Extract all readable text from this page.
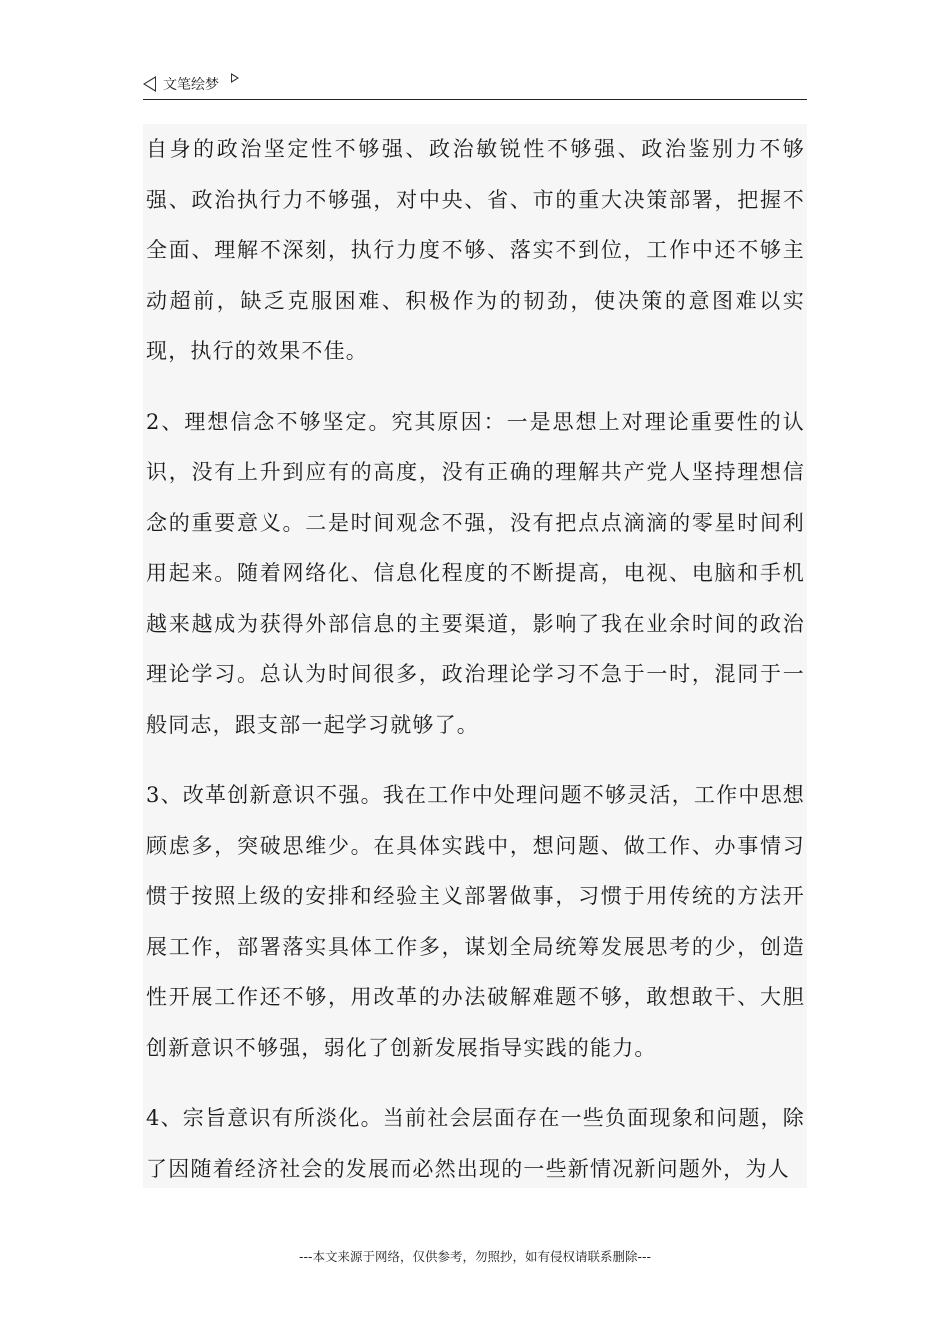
文笔绘梦

自身的政治坚定性不够强、政治敏锐性不够强、政治鉴别力不够强、政治执行力不够强，对中央、省、市的重大决策部署，把握不全面、理解不深刻，执行力度不够、落实不到位，工作中还不够主动超前，缺乏克服困难、积极作为的韧劲，使决策的意图难以实现，执行的效果不佳。

2、理想信念不够坚定。究其原因：一是思想上对理论重要性的认识，没有上升到应有的高度，没有正确的理解共产党人坚持理想信念的重要意义。二是时间观念不强，没有把点点滴滴的零星时间利用起来。随着网络化、信息化程度的不断提高，电视、电脑和手机越来越成为获得外部信息的主要渠道，影响了我在业余时间的政治理论学习。总认为时间很多，政治理论学习不急于一时，混同于一般同志，跟支部一起学习就够了。

3、改革创新意识不强。我在工作中处理问题不够灵活，工作中思想顾虑多，突破思维少。在具体实践中，想问题、做工作、办事情习惯于按照上级的安排和经验主义部署做事，习惯于用传统的方法开展工作，部署落实具体工作多，谋划全局统筹发展思考的少，创造性开展工作还不够，用改革的办法破解难题不够，敢想敢干、大胆创新意识不够强，弱化了创新发展指导实践的能力。

4、宗旨意识有所淡化。当前社会层面存在一些负面现象和问题，除了因随着经济社会的发展而必然出现的一些新情况新问题外，为人

---本文来源于网络，仅供参考，勿照抄，如有侵权请联系删除---
